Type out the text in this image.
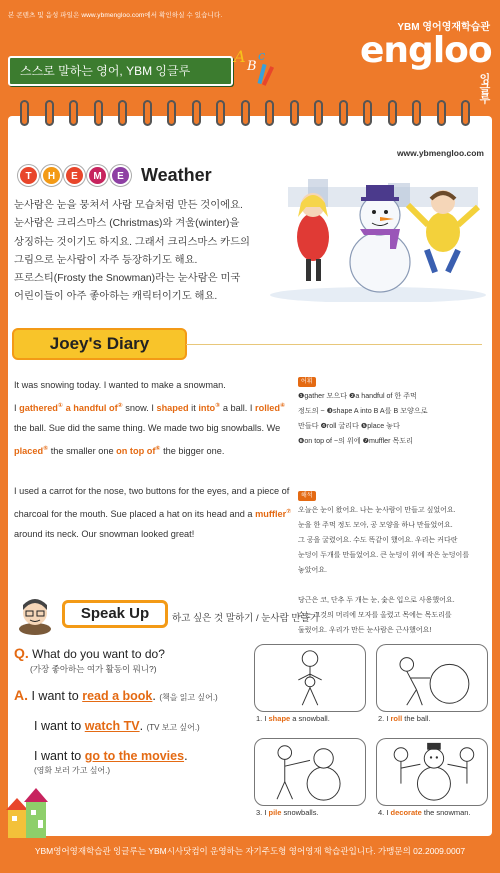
본 콘텐츠 및 음성 파일은 www.ybmengloo.com에서 확인하실 수 있습니다.
스스로 말하는 영어, YBM 잉글루
A
B
c
YBM 영어영재학습관
engloo잉글루
www.ybmengloo.com
T	H	E	M	E Weather
눈사람은 눈을 뭉쳐서 사람 모습처럼 만든 것이에요.
눈사람은 크리스마스 (Christmas)와 겨울(winter)을
상징하는 것이기도 하지요. 그래서 크리스마스 카드의
그림으로 눈사람이 자주 등장하기도 해요.
프로스티(Frosty the Snowman)라는 눈사람은 미국
어린이들이 아주 좋아하는 캐릭터이기도 해요.
Joey's Diary

It was snowing today. I wanted to make a snowman.
I gathered① a handful of② snow. I shaped it into③ a ball. I rolled④ the ball. Sue did the same thing. We made two big snowballs. We placed⑤ the smaller one on top of⑥ the bigger one.

I used a carrot for the nose, two buttons for the eyes, and a piece of charcoal for the mouth. Sue placed a hat on its head and a muffler⑦ around its neck. Our snowman looked great!

어휘
❶gather 모으다 ❷a handful of 한 주먹
정도의 ~ ❸shape A into B A를 B 모양으로
만들다 ❹roll 굴리다 ❺place 놓다
❻on top of ~의 위에 ❼muffler 목도리
해석
오늘은 눈이 왔어요. 나는 눈사람이 만들고 싶었어요.
눈을 한 주먹 정도 모아, 공 모양을 하나 만들었어요.
그 공을 굴렸어요. 수도 똑같이 했어요. 우리는 커다란
눈덩이 두개를 만들었어요. 큰 눈덩이 위에 작은 눈덩이를
놓았어요.

당근은 코, 단추 두 개는 눈, 숯은 입으로 사용했어요.
수는 그것의 머리에 모자를 올렸고 목에는 목도리를
둘렀어요. 우리가 만든 눈사람은 근사했어요!
Speak Up	하고 싶은 것 말하기 / 눈사람 만들기
Q. What do you want to do?
(가장 좋아하는 여가 활동이 뭐니?)
A. I want to read a book. (책을 읽고 싶어.)
I want to watch TV. (TV 보고 싶어.)
I want to go to the movies.
(영화 보러 가고 싶어.)
1. I shape a snowball.	2. I roll the ball.
3. I pile snowballs.	4. I decorate the snowman.
YBM영어영재학습관 잉글루는 YBM시사닷컴이 운영하는 자기주도형 영어영재 학습관입니다. 가맹문의 02.2009.0007
